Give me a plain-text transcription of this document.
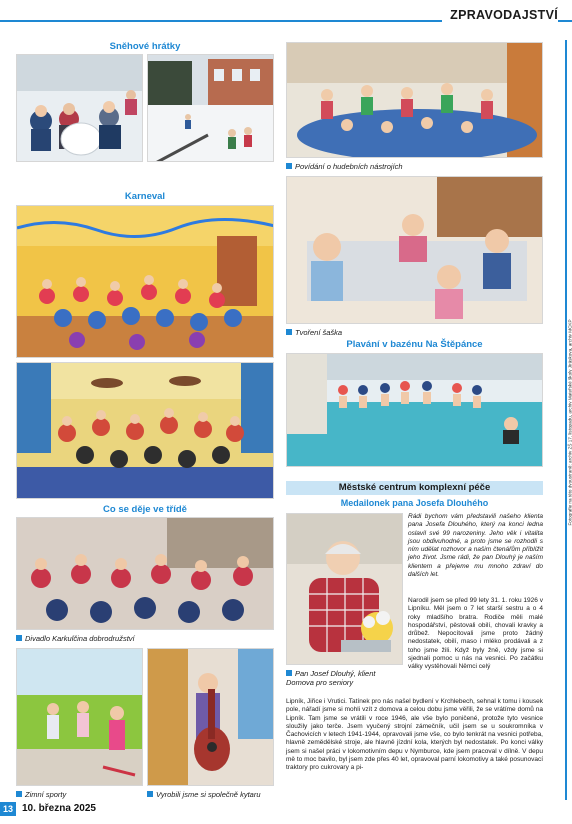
ZPRAVODAJSTVÍ
Fotografie na této dvoustraně: archiv ZŠ 17. listopadu, archiv Mateřské školy Jiráskova, archiv MCKP
Sněhové hrátky
Karneval
Co se děje ve třídě
Divadlo Karkulčina dobrodružství
Zimní sporty	Vyrobili jsme si společně kytaru
Povídání o hudebních nástrojích
Tvoření šaška
Plavání v bazénu Na Štěpánce
Městské centrum komplexní péče
Medailonek pana Josefa Dlouhého
Pan Josef Dlouhý, klient Domova pro seniory
Rádi bychom vám představili našeho klienta pana Josefa Dlouhého, který na konci ledna oslavil své 99 narozeniny. Jeho věk i vitalita jsou obdivuhodné, a proto jsme se rozhodli s ním udělat rozhovor a našim čtenářům přiblížit jeho život. Jsme rádi, že pan Dlouhý je naším klientem a přejeme mu mnoho zdraví do dalších let.
Narodil jsem se před 99 lety 31. 1. roku 1926 v Lipníku. Měl jsem o 7 let starší sestru a o 4 roky mladšího bratra. Rodiče měli malé hospodářství, pěstovali obilí, chovali kravky a drůbež. Nepocítovali jsme proto žádný nedostatek, obilí, maso i mléko prodávali a z toho jsme žili. Když byly žně, vždy jsme si sjednali pomoc u nás na vesnici. Po začátku války vystěhovali Němci celý
Lipník, Jiřice i Vrutici. Tatínek pro nás našel bydlení v Krchlebech, sehnal k tomu i kousek pole, nářadí jsme si mohli vzít z domova a celou dobu jsme věřili, že se vrátíme domů na Lipník. Tam jsme se vrátili v roce 1946, ale vše bylo poničené, protože tyto vesnice sloužily jako terče. Jsem vyučený strojní zámečník, učil jsem se u soukromníka v Čachovicích v letech 1941-1944, opravovali jsme vše, co bylo tenkrát na vesnici potřeba, hlavně zemědělské stroje, ale hlavně jízdní kola, kterých byl nedostatek. Po konci války jsem si našel práci v lokomotivním depu v Nymburce, kde jsem pracoval v dílně. V depu mě to moc bavilo, byl jsem zde přes 40 let, opravoval parní lokomotivy a také posunovací traktory pro cukrovary a pi-
13 10. března 2025
